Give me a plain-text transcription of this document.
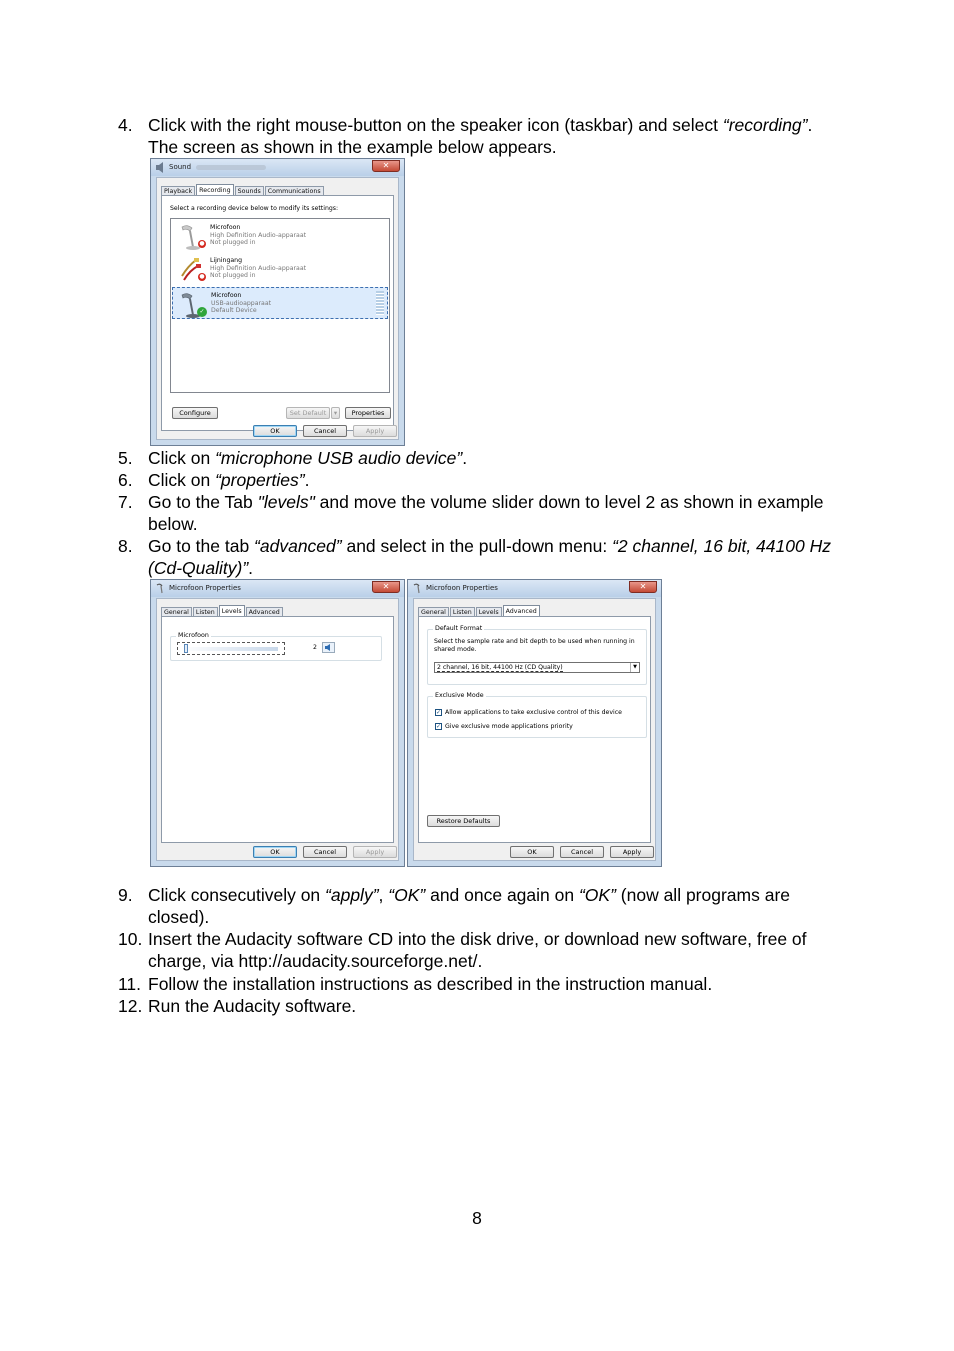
4. Click with the right mouse-button on the speaker icon (taskbar) and select “recording”. The screen as shown in the example below appears.
Sound	✕
Playback	Recording	Sounds	Communications
Select a recording device below to modify its settings:
●
Microfoon
High Definition Audio-apparaat
Not plugged in
●
Lijningang
High Definition Audio-apparaat
Not plugged in
✓
Microfoon
USB-audioapparaat
Default Device
Configure	Set Default	▾	Properties
OK	Cancel	Apply
5. Click on “microphone USB audio device”.
6. Click on “properties”.
7. Go to the Tab "levels" and move the volume slider down to level 2 as shown in example below.
8. Go to the tab “advanced” and select in the pull-down menu: “2 channel, 16 bit, 44100 Hz (Cd-Quality)”.
Microfoon Properties	✕
General	Listen	Levels	Advanced
Microfoon
2
OK	Cancel	Apply
Microfoon Properties	✕
General	Listen	Levels	Advanced
Default Format
Select the sample rate and bit depth to be used when running in shared mode.
2 channel, 16 bit, 44100 Hz (CD Quality)	▼
Exclusive Mode
✓ Allow applications to take exclusive control of this device
✓ Give exclusive mode applications priority
Restore Defaults
OK	Cancel	Apply
9. Click consecutively on “apply”, “OK” and once again on “OK” (now all programs are closed).
10. Insert the Audacity software CD into the disk drive, or download new software, free of charge, via http://audacity.sourceforge.net/.
11. Follow the installation instructions as described in the instruction manual.
12. Run the Audacity software.
8
